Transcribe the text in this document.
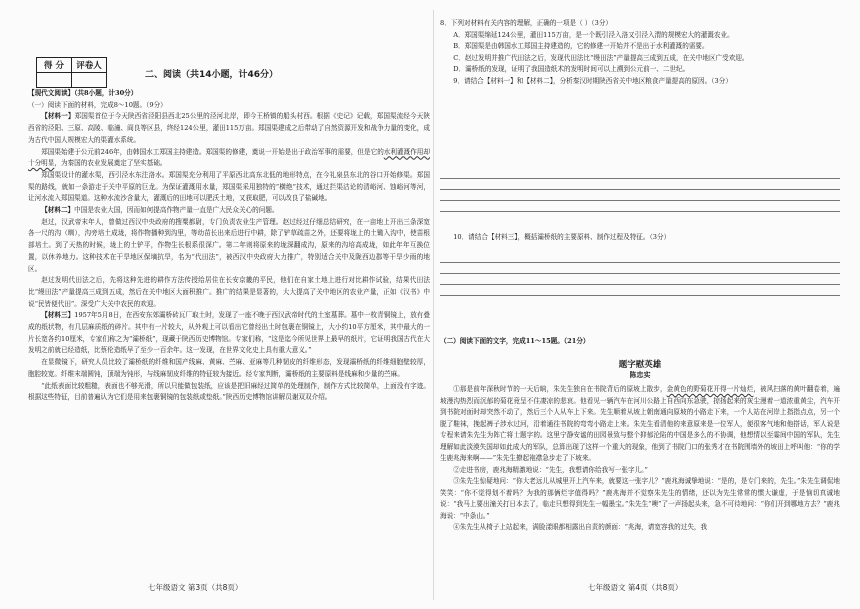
得 分	评卷人

二、阅读（共14小题，计46分）

【现代文阅读】（共8小题，计30分）

（一）阅读下面的材料，完成8～10题。（9分）

【材料一】郑国渠首位于今天陕西省泾阳县西北25公里的泾河北岸，即今王桥镇的船头村西。根据《史记》记载，郑国渠流经今天陕西省的泾阳、三原、高陵、临潼、阎良等区县，终经124公里，灌田115万亩。郑国渠建成之后带动了自然资源开发和战争力量的变化，成为古代中国人规模宏大的渠灌水系统。

郑国渠始建于公元前246年，由韩国水工郑国主持建造。郑国渠的修建，奠说一开始是出于政治军事的需要，但是它的水利灌溉作用却十分明显，为秦国的农业发展奠定了坚实基础。

郑国渠设计的灌水渠，西引泾水东注洛水。郑国渠充分利用了平原西北高东北低的地形特点，在今礼泉县东北的谷口开始修渠。郑国渠的路线，就如一条游走于关中平原的巨龙。为保证灌溉用水量，郑国渠采用独特的“横绝”技术，通过拦渠沽论的清峪河、蚀峪河等河，让河水流入郑国渠道。这种水流沙含量大，灌溉后的田地可以肥沃土地，又获取肥，可以改良了盐碱地。

【材料二】中国是农业大国，因而如何提高作物产量一直是广大民众关心的问题。

赵过，汉武帝末年人，曾做过西汉中央政府的搜粟都尉，专门负责农业生产管理。赵过经过仔细总结研究，在一亩地上开出三条深宽各一尺的沟（甽），沟旁培土成垅，将作物播种到沟里，等幼苗长出来后进行中耕，除了铲草疏苗之外，还要将垅上的土锄入沟中，使苗根部培土。到了天热的时候，垅上的土铲平，作物生长根系很深广。第二年则将原来的垅深翻成沟，原来的沟培高成垅，如此年年互换位置，以休养地力。这种技术在干旱地区保墒抗旱，名为“代田法”，被西汉中央政府大力推广，特别适合关中及陇西边郡等干旱少雨的地区。

赵过发明代田法之后，先将这种先进的耕作方法传授给居住在长安京畿的平民，他们在自家土地上进行对比耕作试验，结果代田法比“缦田法”产量提高三成到五成，然后在关中地区大面积推广。推广的结果是显著的，大大提高了关中地区的农业产量，正如《汉书》中说“民皆便代田”。深受广大关中农民的欢迎。

【材料三】1957年5月8日，在西安东郊灞桥砖瓦厂取土时，发现了一座不晚于西汉武帝时代的土室墓葬。墓中一枚青铜镜上，放有叠成的纸状物，有几层麻质纸的碎片。其中有一片较大，从外观上可以看出它曾经出土时包裹在铜镜上，大小约10平方厘米，其中最大的一片长宽各约10厘米，专家们称之为“灞桥纸”，现藏于陕西历史博物馆。专家们称，“这是迄今所见世界上最早的纸片，它证明我国古代在大发明之前就已经造纸，比蔡伦造纸早了至少一百余年。这一发现，在世界文化史上具有重大意义。”

在显微镜下，研究人员比较了灞桥纸的纤维和国产线麻、黄麻、苎麻、亚麻等几种韧皮的纤维形态，发现灞桥纸的纤维细胞壁较厚，胞腔较宽。纤维末端圆钝，顶端为钝形，与线麻韧皮纤维的特征较为接近。经专家判断，灞桥纸的主要原料是线麻和少量的苎麻。

“此纸表面比较粗糙，表面也不够光滑，所以只能做包装纸，应该是把旧麻经过简单的处理制作，制作方式比较简单，上面没有字迹。根据这些特征，目前普遍认为它们是用来包裹铜镜的包装纸或垫纸。”陕西历史博物馆讲解员谢双双介绍。

七年级语文 第3页（共8页）

8．下列对材料有关内容的理解，正确的一项是（ ）（3分）

A．郑国渠绵延124公里，灌田115万亩，是一个既引泾入洛又引泾入渭的规模宏大的灌溉农业。

B．郑国渠是由韩国水工郑国主持建造的，它的修建一开始并不是出于水利灌溉的需要。

C．赵过发明并推广代田法之后，发现代田法比“缦田法”产量提高三成到五成，在关中地区广受欢迎。

D．灞桥纸的发现，证明了我国造纸术的发明时间可以上溯到公元前一、二世纪。

9．请结合【材料一】和【材料二】，分析秦汉时期陕西省关中地区粮食产量提高的原因。（3分）

10．请结合【材料三】，概括灞桥纸的主要原料、制作过程及特征。（3分）

（二）阅读下面的文字，完成11～15题。（21分）

题字慰英雄
陈忠实

①那是前年深秋时节的一天后晌，朱先生独自在书院背后的原坡上散步，金黄色的野菊花开得一片灿烂，被风扫落的黄叶翻卷着，遍坡漫沟热烈而沉郁的菊花竟呈不住凄凉的悲哀。他看见一辆汽车在河川公路上自西向东急驶，掠扬起来的灰尘漫着一道浓重黄尘，汽车开到书院对面时却突然不动了，然后三个人从车上下来。先生顺着从坡上朝南通向原坡的小路走下来，一个人站在河岸上指指点点，另一个脱了鞋袜，挽起裤子涉水过河，沿着通往书院的弯弯小路走上来。朱先生看清他的来意原来是一位军人，便很客气地和他搭话，军人说是专程来请朱先生为阵亡将士题字的。这里宁静安谧的田园景致与整个抑郁沦陷的中国是多么的不协调，他想情以至霎间中国的军队，先生理解如此淡漠失国却如此成大的军队，总算出现了这样一个重大的现象，他到了书院门口的张秀才在书院围墙外的坡田上呼叫他：“你的学生鹿兆海来啊——”朱先生撩起袍襟急步走了下坡来。

②走进书房，鹿兆海精激地说：“先生，我想请你给我写一张字儿。”

③朱先生惊疑地问：“你大老远儿从城里开上汽车来，就要这一张字儿？”鹿兆海诚挚地说：“是的，是专门来的，先生。”朱先生调侃地笑笑：“你不觉得划不着吗？为我的那俩烂字值得吗？”鹿兆海并不觉察朱先生的情绪，还以为先生常常的惯大谦虚，于是恼切真诚地说：“我马上要出潼关打日本去了，临走只想得到先生一幅墨宝。”朱先生“噢”了一声扬起头来，急不可待地问：“你们开到哪地方去？”鹿兆海说：“中条山。”

④朱先生从椅子上站起来，满脸漾眼都相露出自责的颜面：“兆海，请宽容我的过失，我

七年级语文 第4页（共8页）
